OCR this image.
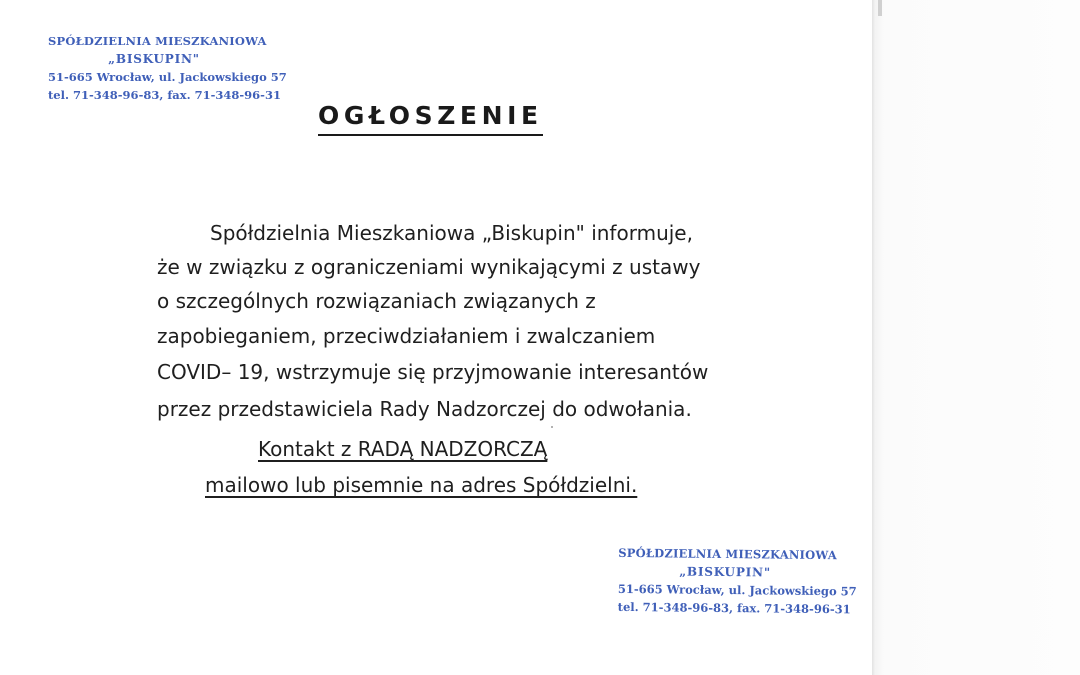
SPÓŁDZIELNIA MIESZKANIOWA
„BISKUPIN"
51-665 Wrocław, ul. Jackowskiego 57
tel. 71-348-96-83, fax. 71-348-96-31
OGŁOSZENIE
Spółdzielnia Mieszkaniowa „Biskupin" informuje,
że w związku z ograniczeniami wynikającymi z ustawy
o szczególnych rozwiązaniach związanych z
zapobieganiem, przeciwdziałaniem i zwalczaniem
COVID– 19, wstrzymuje się przyjmowanie interesantów
przez przedstawiciela Rady Nadzorczej do odwołania.
Kontakt z RADĄ NADZORCZĄ
mailowo lub pisemnie na adres Spółdzielni.
SPÓŁDZIELNIA MIESZKANIOWA
„BISKUPIN"
51-665 Wrocław, ul. Jackowskiego 57
tel. 71-348-96-83, fax. 71-348-96-31
